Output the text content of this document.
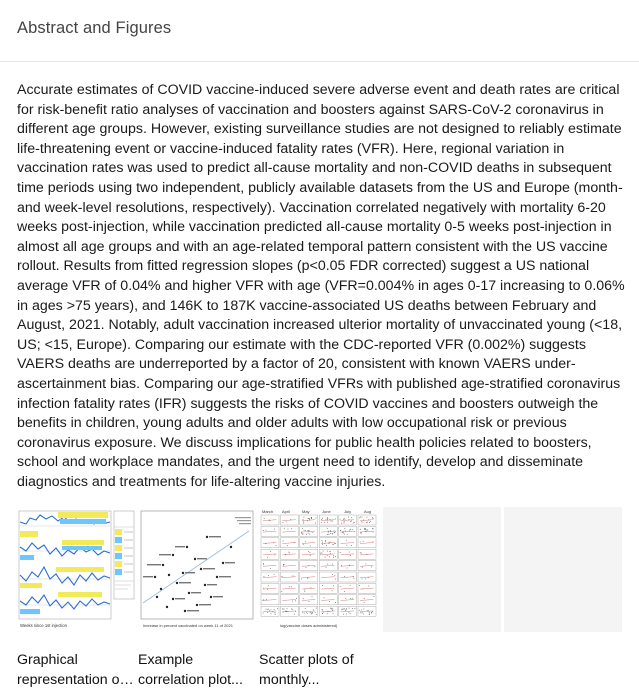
Abstract and Figures

Accurate estimates of COVID vaccine-induced severe adverse event and death rates are critical for risk-benefit ratio analyses of vaccination and boosters against SARS-CoV-2 coronavirus in different age groups. However, existing surveillance studies are not designed to reliably estimate life-threatening event or vaccine-induced fatality rates (VFR). Here, regional variation in vaccination rates was used to predict all-cause mortality and non-COVID deaths in subsequent time periods using two independent, publicly available datasets from the US and Europe (month-and week-level resolutions, respectively). Vaccination correlated negatively with mortality 6-20 weeks post-injection, while vaccination predicted all-cause mortality 0-5 weeks post-injection in almost all age groups and with an age-related temporal pattern consistent with the US vaccine rollout. Results from fitted regression slopes (p<0.05 FDR corrected) suggest a US national average VFR of 0.04% and higher VFR with age (VFR=0.004% in ages 0-17 increasing to 0.06% in ages >75 years), and 146K to 187K vaccine-associated US deaths between February and August, 2021. Notably, adult vaccination increased ulterior mortality of unvaccinated young (<18, US; <15, Europe). Comparing our estimate with the CDC-reported VFR (0.002%) suggests VAERS deaths are underreported by a factor of 20, consistent with known VAERS under-ascertainment bias. Comparing our age-stratified VFRs with published age-stratified coronavirus infection fatality rates (IFR) suggests the risks of COVID vaccines and boosters outweigh the benefits in children, young adults and older adults with low occupational risk or previous coronavirus exposure. We discuss implications for public health policies related to boosters, school and workplace mandates, and the urgent need to identify, develop and disseminate diagnostics and treatments for life-altering vaccine injuries.

Weeks since 1st injection	Increase in percent vaccinated on week 11 of 2021
March April	May	June	July	Aug
log(vaccine doses administered)
Graphical
representation of...
Example
correlation plot...
Scatter plots of
monthly...
